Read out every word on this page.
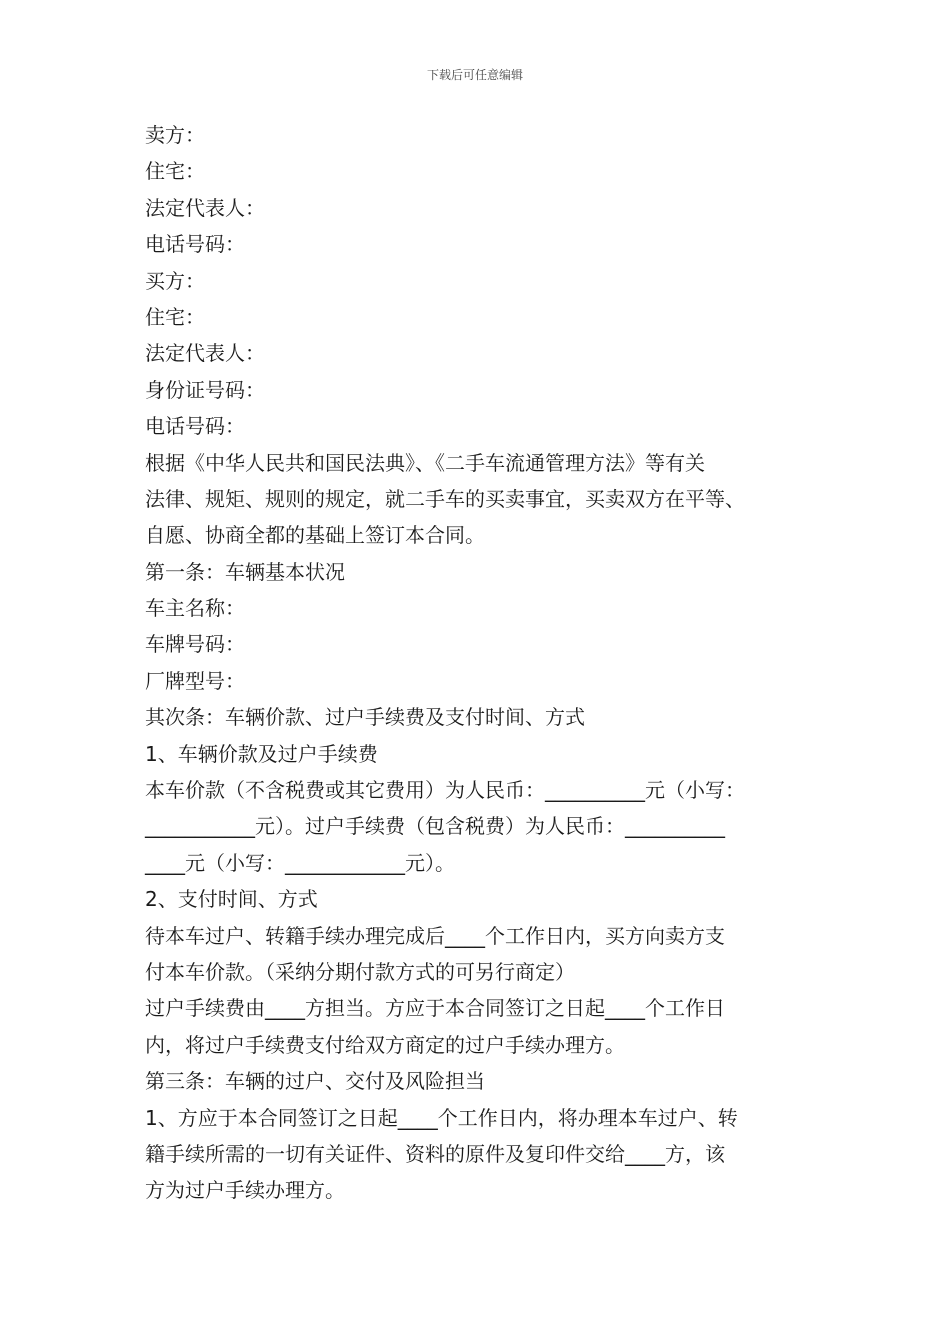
下载后可任意编辑
卖方：
住宅：
法定代表人：
电话号码：
买方：
住宅：
法定代表人：
身份证号码：
电话号码：
根据《中华人民共和国民法典》、《二手车流通管理方法》等有关
法律、规矩、规则的规定，就二手车的买卖事宜，买卖双方在平等、
自愿、协商全都的基础上签订本合同。
第一条：车辆基本状况
车主名称：
车牌号码：
厂牌型号：
其次条：车辆价款、过户手续费及支付时间、方式
1、车辆价款及过户手续费
本车价款（不含税费或其它费用）为人民币：__________元（小写：
___________元）。过户手续费（包含税费）为人民币：__________
____元（小写：____________元）。
2、支付时间、方式
待本车过户、转籍手续办理完成后____个工作日内，买方向卖方支
付本车价款。（采纳分期付款方式的可另行商定）
过户手续费由____方担当。方应于本合同签订之日起____个工作日
内，将过户手续费支付给双方商定的过户手续办理方。
第三条：车辆的过户、交付及风险担当
1、方应于本合同签订之日起____个工作日内，将办理本车过户、转
籍手续所需的一切有关证件、资料的原件及复印件交给____方，该
方为过户手续办理方。
